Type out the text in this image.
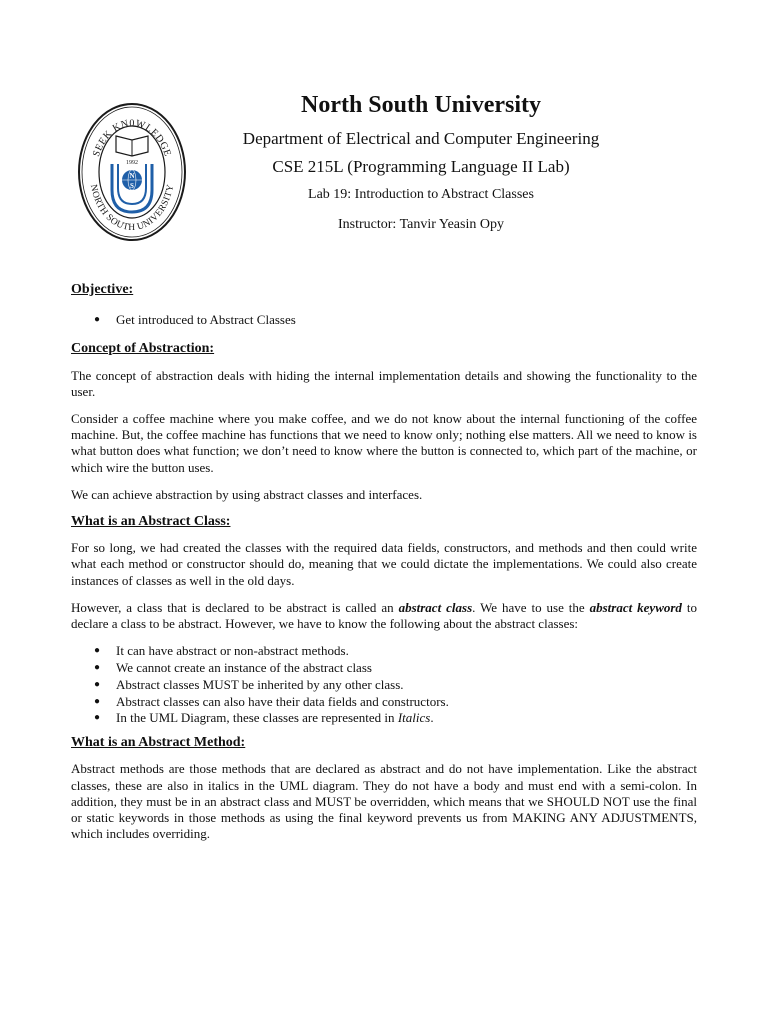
SEEK KN0WLEDGE
NORTH SOUTH UNIVERSITY
1992
N
S
North South University
Department of Electrical and Computer Engineering
CSE 215L (Programming Language II Lab)
Lab 19: Introduction to Abstract Classes
Instructor: Tanvir Yeasin Opy
Objective:
● Get introduced to Abstract Classes
Concept of Abstraction:

The concept of abstraction deals with hiding the internal implementation details and showing the functionality to the user.

Consider a coffee machine where you make coffee, and we do not know about the internal functioning of the coffee machine. But, the coffee machine has functions that we need to know only; nothing else matters. All we need to know is what button does what function; we don’t need to know where the button is connected to, which part of the machine, or which wire the button uses.

We can achieve abstraction by using abstract classes and interfaces.

What is an Abstract Class:

For so long, we had created the classes with the required data fields, constructors, and methods and then could write what each method or constructor should do, meaning that we could dictate the implementations. We could also create instances of classes as well in the old days.

However, a class that is declared to be abstract is called an abstract class. We have to use the abstract keyword to declare a class to be abstract. However, we have to know the following about the abstract classes:

● It can have abstract or non-abstract methods.
● We cannot create an instance of the abstract class
● Abstract classes MUST be inherited by any other class.
● Abstract classes can also have their data fields and constructors.
● In the UML Diagram, these classes are represented in Italics.
What is an Abstract Method:

Abstract methods are those methods that are declared as abstract and do not have implementation. Like the abstract classes, these are also in italics in the UML diagram. They do not have a body and must end with a semi-colon. In addition, they must be in an abstract class and MUST be overridden, which means that we SHOULD NOT use the final or static keywords in those methods as using the final keyword prevents us from MAKING ANY ADJUSTMENTS, which includes overriding.
